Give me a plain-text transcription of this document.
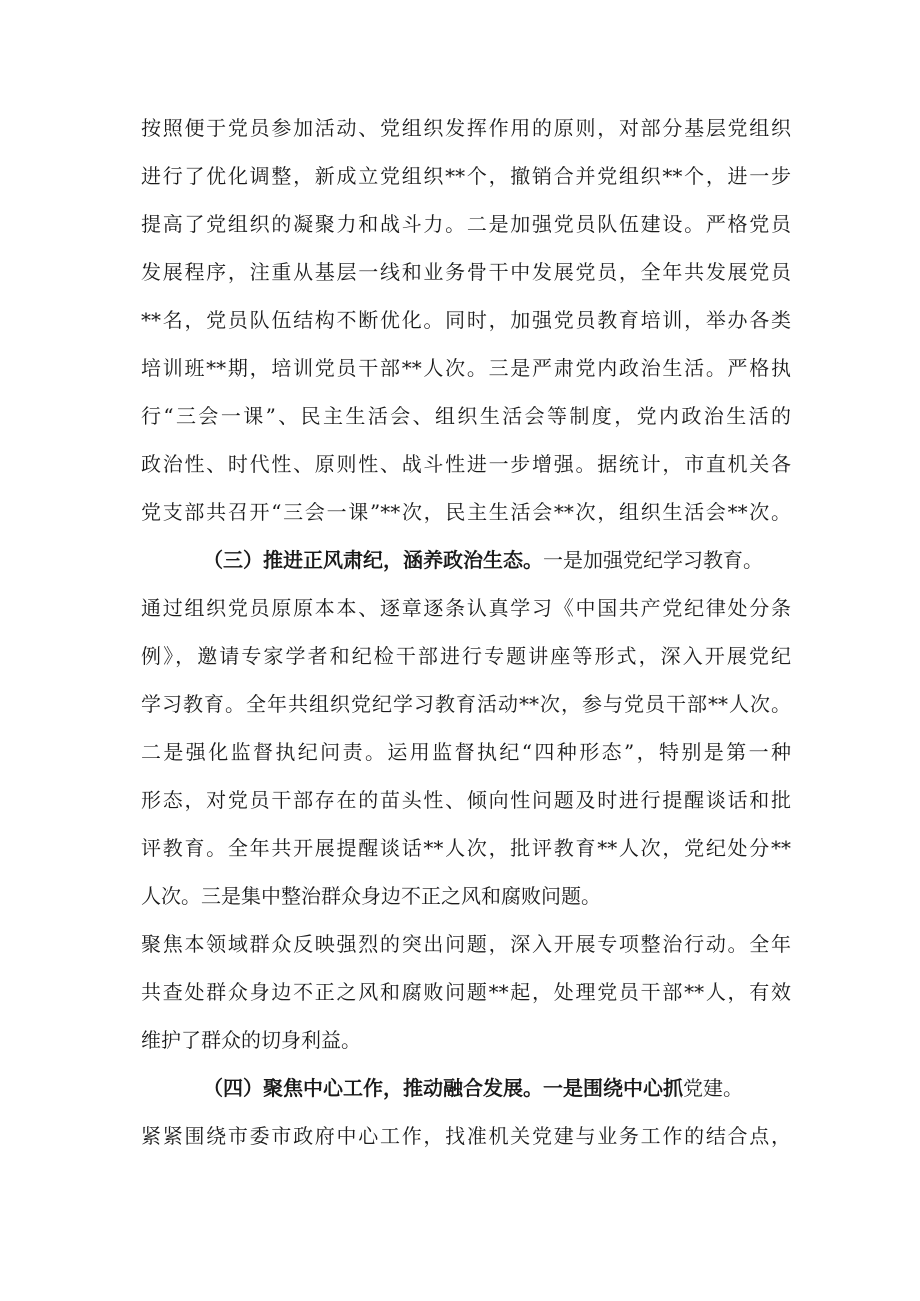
按照便于党员参加活动、党组织发挥作用的原则，对部分基层党组织
进行了优化调整，新成立党组织**个，撤销合并党组织**个，进一步
提高了党组织的凝聚力和战斗力。二是加强党员队伍建设。严格党员
发展程序，注重从基层一线和业务骨干中发展党员，全年共发展党员
**名，党员队伍结构不断优化。同时，加强党员教育培训，举办各类
培训班**期，培训党员干部**人次。三是严肃党内政治生活。严格执
行“三会一课”、民主生活会、组织生活会等制度，党内政治生活的
政治性、时代性、原则性、战斗性进一步增强。据统计，市直机关各
党支部共召开“三会一课”**次，民主生活会**次，组织生活会**次。
（三）推进正风肃纪，涵养政治生态。 一是加强党纪学习教育。
通过组织党员原原本本、逐章逐条认真学习《中国共产党纪律处分条
例》，邀请专家学者和纪检干部进行专题讲座等形式，深入开展党纪
学习教育。全年共组织党纪学习教育活动**次，参与党员干部**人次。
二是强化监督执纪问责。运用监督执纪“四种形态”，特别是第一种
形态，对党员干部存在的苗头性、倾向性问题及时进行提醒谈话和批
评教育。全年共开展提醒谈话**人次，批评教育**人次，党纪处分**
人次。三是集中整治群众身边不正之风和腐败问题。
聚焦本领域群众反映强烈的突出问题，深入开展专项整治行动。全年
共查处群众身边不正之风和腐败问题**起，处理党员干部**人，有效
维护了群众的切身利益。
（四）聚焦中心工作，推动融合发展。一是围绕中心抓 党建。
紧紧围绕市委市政府中心工作，找准机关党建与业务工作的结合点，
